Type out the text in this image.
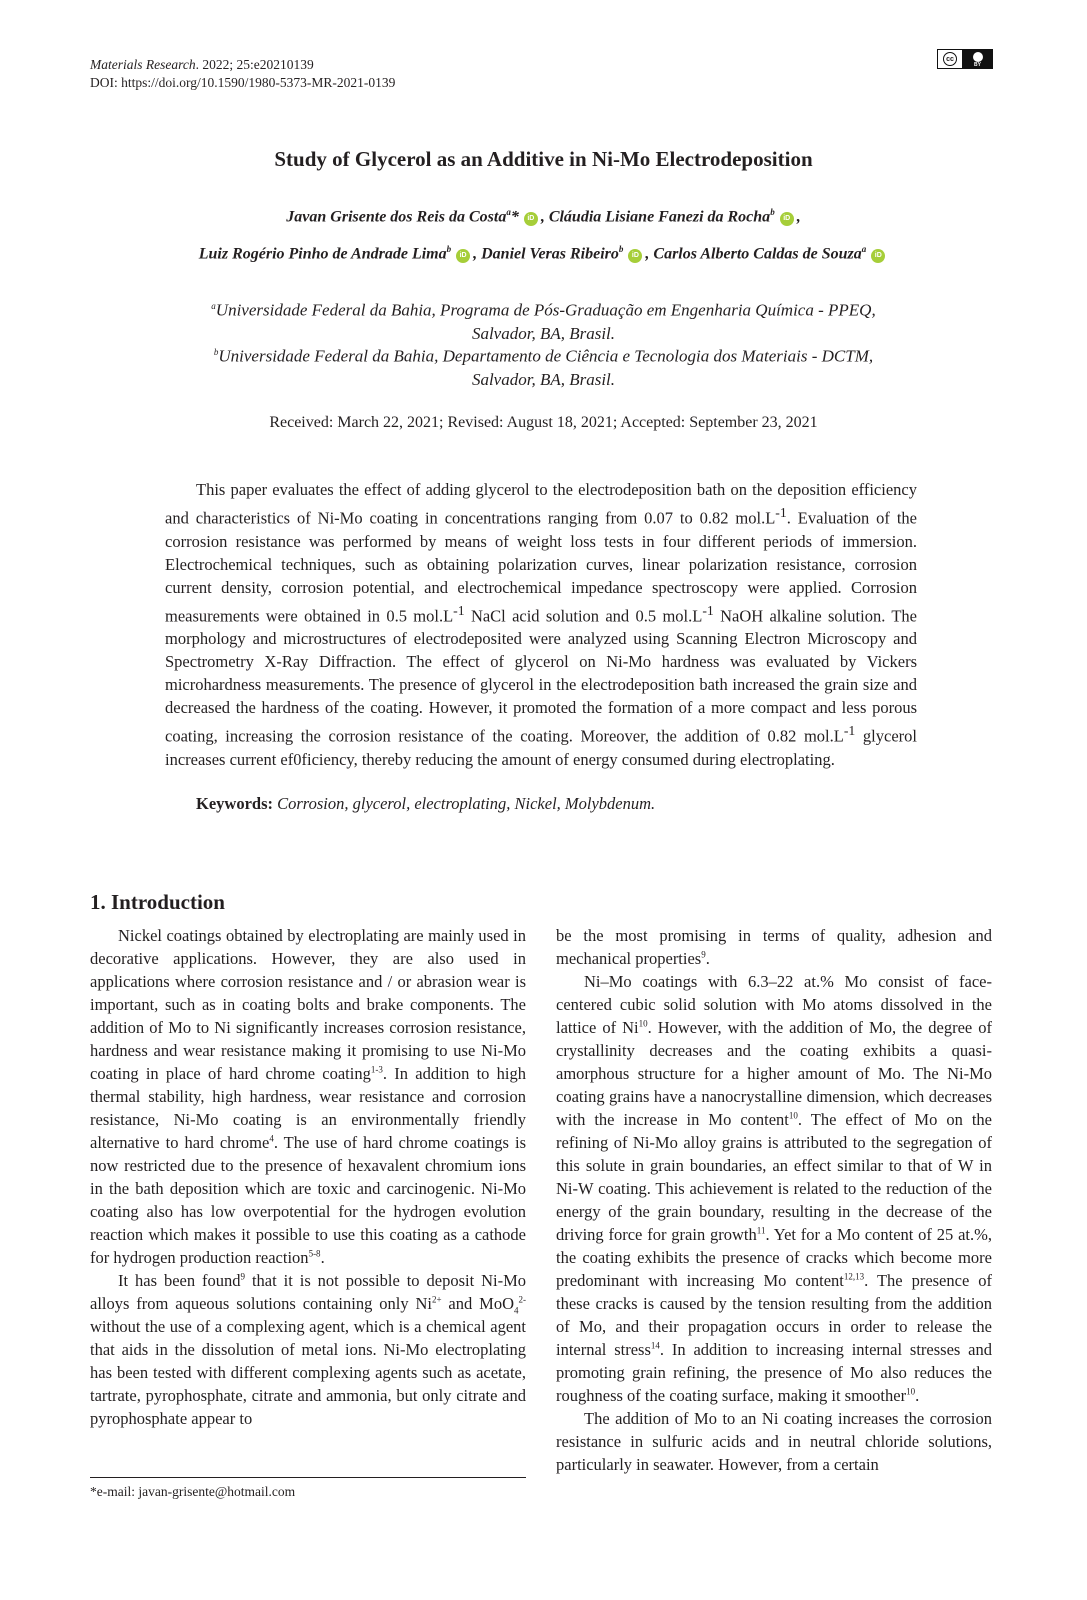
Materials Research. 2022; 25:e20210139
DOI: https://doi.org/10.1590/1980-5373-MR-2021-0139
cc
BY
Study of Glycerol as an Additive in Ni-Mo Electrodeposition
Javan Grisente dos Reis da Costa$^a$* iD , Cláudia Lisiane Fanezi da Rocha$^b$iD ,
Luiz Rogério Pinho de Andrade Lima$^b$iD , Daniel Veras Ribeiro$^b$iD , Carlos Alberto Caldas de Souza$^a$iD
$^a$Universidade Federal da Bahia, Programa de Pós-Graduação em Engenharia Química - PPEQ,
Salvador, BA, Brasil.
$^b$Universidade Federal da Bahia, Departamento de Ciência e Tecnologia dos Materiais - DCTM,
Salvador, BA, Brasil.
Received: March 22, 2021; Revised: August 18, 2021; Accepted: September 23, 2021

This paper evaluates the effect of adding glycerol to the electrodeposition bath on the deposition efficiency and characteristics of Ni-Mo coating in concentrations ranging from 0.07 to 0.82 $mol.L^{-1}$. Evaluation of the corrosion resistance was performed by means of weight loss tests in four different periods of immersion. Electrochemical techniques, such as obtaining polarization curves, linear polarization resistance, corrosion current density, corrosion potential, and electrochemical impedance spectroscopy were applied. Corrosion measurements were obtained in 0.5 $mol.L^{-1}$ NaCl acid solution and 0.5 $mol.L^{-1}$ NaOH alkaline solution. The morphology and microstructures of electrodeposited were analyzed using Scanning Electron Microscopy and Spectrometry X-Ray Diffraction. The effect of glycerol on Ni-Mo hardness was evaluated by Vickers microhardness measurements. The presence of glycerol in the electrodeposition bath increased the grain size and decreased the hardness of the coating. However, it promoted the formation of a more compact and less porous coating, increasing the corrosion resistance of the coating. Moreover, the addition of 0.82 $mol.L^{-1}$ glycerol increases current ef0ficiency, thereby reducing the amount of energy consumed during electroplating.

Keywords: Corrosion, glycerol, electroplating, Nickel, Molybdenum.
1. Introduction

Nickel coatings obtained by electroplating are mainly used in decorative applications. However, they are also used in applications where corrosion resistance and / or abrasion wear is important, such as in coating bolts and brake components. The addition of Mo to Ni significantly increases corrosion resistance, hardness and wear resistance making it promising to use Ni-Mo coating in place of hard chrome coating$^{1-3}$. In addition to high thermal stability, high hardness, wear resistance and corrosion resistance, Ni-Mo coating is an environmentally friendly alternative to hard chrome$^4$. The use of hard chrome coatings is now restricted due to the presence of hexavalent chromium ions in the bath deposition which are toxic and carcinogenic. Ni-Mo coating also has low overpotential for the hydrogen evolution reaction which makes it possible to use this coating as a cathode for hydrogen production reaction$^{5-8}$.

It has been found$^9$ that it is not possible to deposit Ni-Mo alloys from aqueous solutions containing only $Ni^{2+}$ and MoO$_4^{2-}$ without the use of a complexing agent, which is a chemical agent that aids in the dissolution of metal ions. Ni-Mo electroplating has been tested with different complexing agents such as acetate, tartrate, pyrophosphate, citrate and ammonia, but only citrate and pyrophosphate appear to

be the most promising in terms of quality, adhesion and mechanical properties$^9$.

Ni–Mo coatings with 6.3–22 at.% Mo consist of face-centered cubic solid solution with Mo atoms dissolved in the lattice of Ni$^{10}$. However, with the addition of Mo, the degree of crystallinity decreases and the coating exhibits a quasi-amorphous structure for a higher amount of Mo. The Ni-Mo coating grains have a nanocrystalline dimension, which decreases with the increase in Mo content$^{10}$. The effect of Mo on the refining of Ni-Mo alloy grains is attributed to the segregation of this solute in grain boundaries, an effect similar to that of W in Ni-W coating. This achievement is related to the reduction of the energy of the grain boundary, resulting in the decrease of the driving force for grain growth$^{11}$. Yet for a Mo content of 25 at.%, the coating exhibits the presence of cracks which become more predominant with increasing Mo content$^{12,13}$. The presence of these cracks is caused by the tension resulting from the addition of Mo, and their propagation occurs in order to release the internal stress$^{14}$. In addition to increasing internal stresses and promoting grain refining, the presence of Mo also reduces the roughness of the coating surface, making it smoother$^{10}$.

The addition of Mo to an Ni coating increases the corrosion resistance in sulfuric acids and in neutral chloride solutions, particularly in seawater. However, from a certain

*e-mail: javan-grisente@hotmail.com
